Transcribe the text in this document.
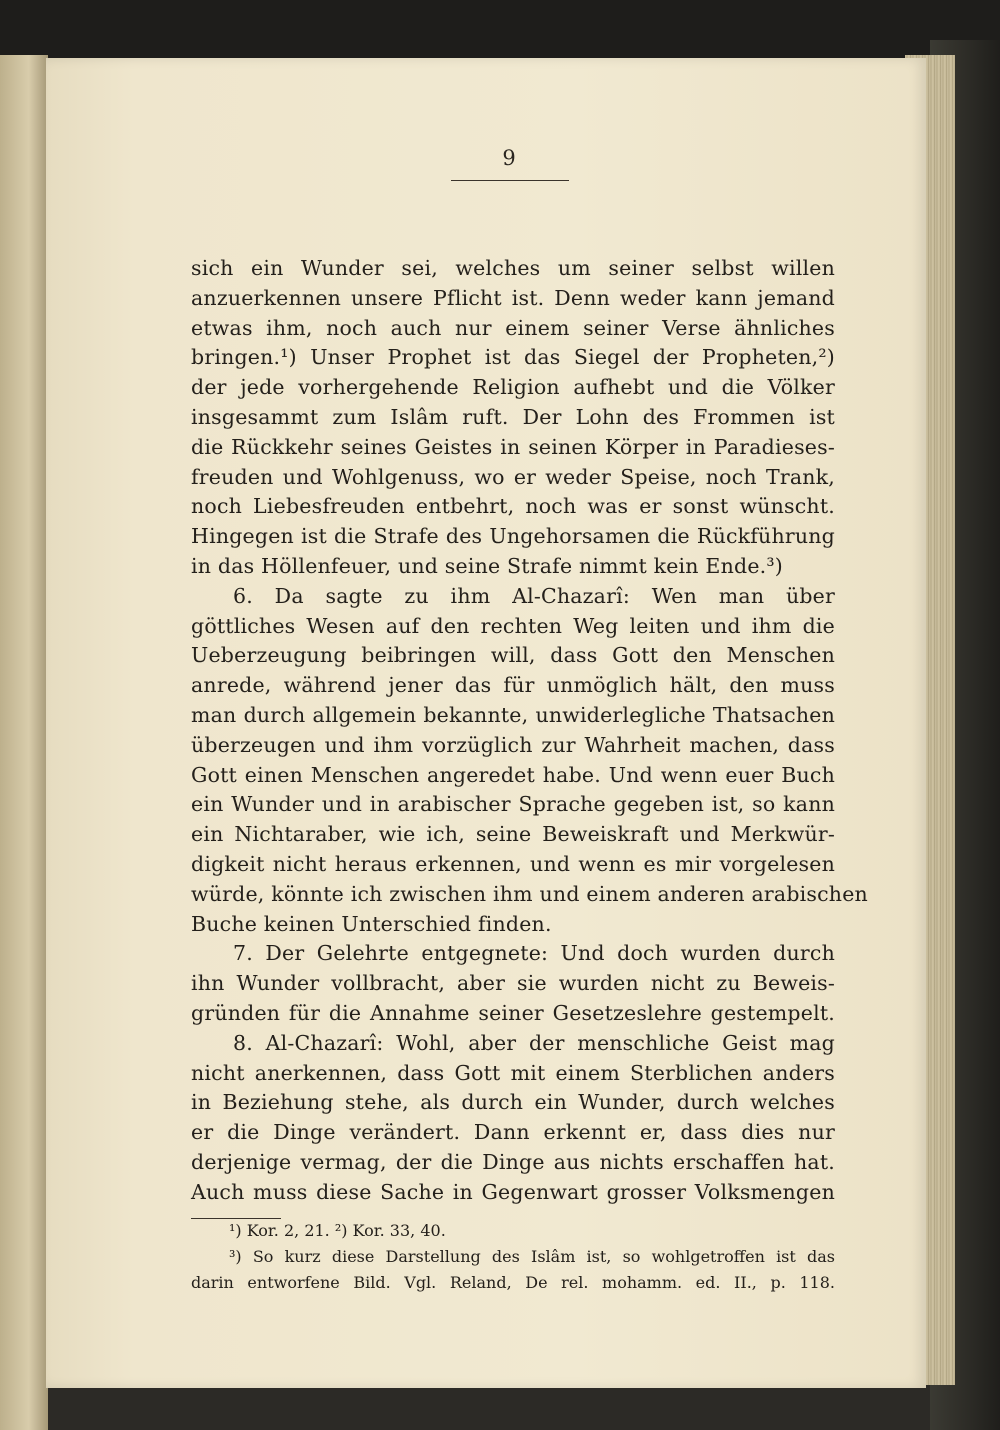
9
sich ein Wunder sei, welches um seiner selbst willen
anzuerkennen unsere Pflicht ist. Denn weder kann jemand
etwas ihm, noch auch nur einem seiner Verse ähnliches
bringen.¹) Unser Prophet ist das Siegel der Propheten,²)
der jede vorhergehende Religion aufhebt und die Völker
insgesammt zum Islâm ruft. Der Lohn des Frommen ist
die Rückkehr seines Geistes in seinen Körper in Paradieses-
freuden und Wohlgenuss, wo er weder Speise, noch Trank,
noch Liebesfreuden entbehrt, noch was er sonst wünscht.
Hingegen ist die Strafe des Ungehorsamen die Rückführung
in das Höllenfeuer, und seine Strafe nimmt kein Ende.³)
6. Da sagte zu ihm Al-Chazarî: Wen man über
göttliches Wesen auf den rechten Weg leiten und ihm die
Ueberzeugung beibringen will, dass Gott den Menschen
anrede, während jener das für unmöglich hält, den muss
man durch allgemein bekannte, unwiderlegliche Thatsachen
überzeugen und ihm vorzüglich zur Wahrheit machen, dass
Gott einen Menschen angeredet habe. Und wenn euer Buch
ein Wunder und in arabischer Sprache gegeben ist, so kann
ein Nichtaraber, wie ich, seine Beweiskraft und Merkwür-
digkeit nicht heraus erkennen, und wenn es mir vorgelesen
würde, könnte ich zwischen ihm und einem anderen arabischen
Buche keinen Unterschied finden.
7. Der Gelehrte entgegnete: Und doch wurden durch
ihn Wunder vollbracht, aber sie wurden nicht zu Beweis-
gründen für die Annahme seiner Gesetzeslehre gestempelt.
8. Al-Chazarî: Wohl, aber der menschliche Geist mag
nicht anerkennen, dass Gott mit einem Sterblichen anders
in Beziehung stehe, als durch ein Wunder, durch welches
er die Dinge verändert. Dann erkennt er, dass dies nur
derjenige vermag, der die Dinge aus nichts erschaffen hat.
Auch muss diese Sache in Gegenwart grosser Volksmengen
¹) Kor. 2, 21. ²) Kor. 33, 40.
³) So kurz diese Darstellung des Islâm ist, so wohlgetroffen ist das
darin entworfene Bild. Vgl. Reland, De rel. mohamm. ed. II., p. 118.
